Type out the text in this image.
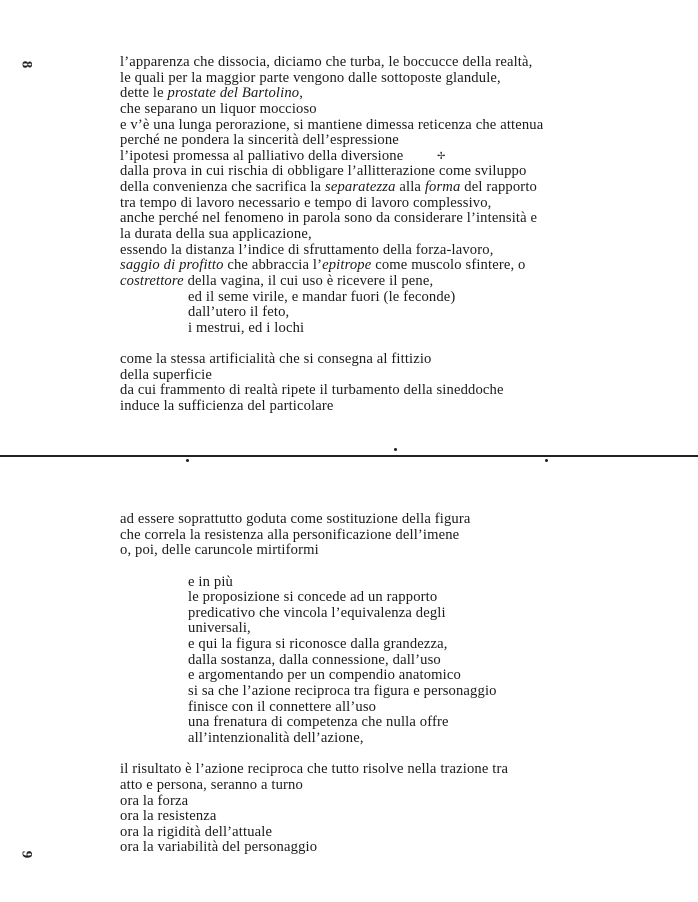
8
9
l’apparenza che dissocia, diciamo che turba, le boccucce della realtà,
le quali per la maggior parte vengono dalle sottoposte glandule,
dette le prostate del Bartolino,
che separano un liquor moccioso
e v’è una lunga perorazione, si mantiene dimessa reticenza che attenua
perché ne pondera la sincerità dell’espressione
l’ipotesi promessa al palliativo della diversione
dalla prova in cui rischia di obbligare l’allitterazione come sviluppo
della convenienza che sacrifica la separatezza alla forma del rapporto
tra tempo di lavoro necessario e tempo di lavoro complessivo,
anche perché nel fenomeno in parola sono da considerare l’intensità e
la durata della sua applicazione,
essendo la distanza l’indice di sfruttamento della forza-lavoro,
saggio di profitto che abbraccia l’epitrope come muscolo sfintere, o
costrettore della vagina, il cui uso è ricevere il pene,
ed il seme virile, e mandar fuori (le feconde)
dall’utero il feto,
i mestrui, ed i lochi
come la stessa artificialità che si consegna al fittizio
della superficie
da cui frammento di realtà ripete il turbamento della sineddoche
induce la sufficienza del particolare
✢
ad essere soprattutto goduta come sostituzione della figura
che correla la resistenza alla personificazione dell’imene
o, poi, delle caruncole mirtiformi
e in più
le proposizione si concede ad un rapporto
predicativo che vincola l’equivalenza degli
universali,
e qui la figura si riconosce dalla grandezza,
dalla sostanza, dalla connessione, dall’uso
e argomentando per un compendio anatomico
si sa che l’azione reciproca tra figura e personaggio
finisce con il connettere all’uso
una frenatura di competenza che nulla offre
all’intenzionalità dell’azione,
il risultato è l’azione reciproca che tutto risolve nella trazione tra
atto e persona, seranno a turno
ora la forza
ora la resistenza
ora la rigidità dell’attuale
ora la variabilità del personaggio
